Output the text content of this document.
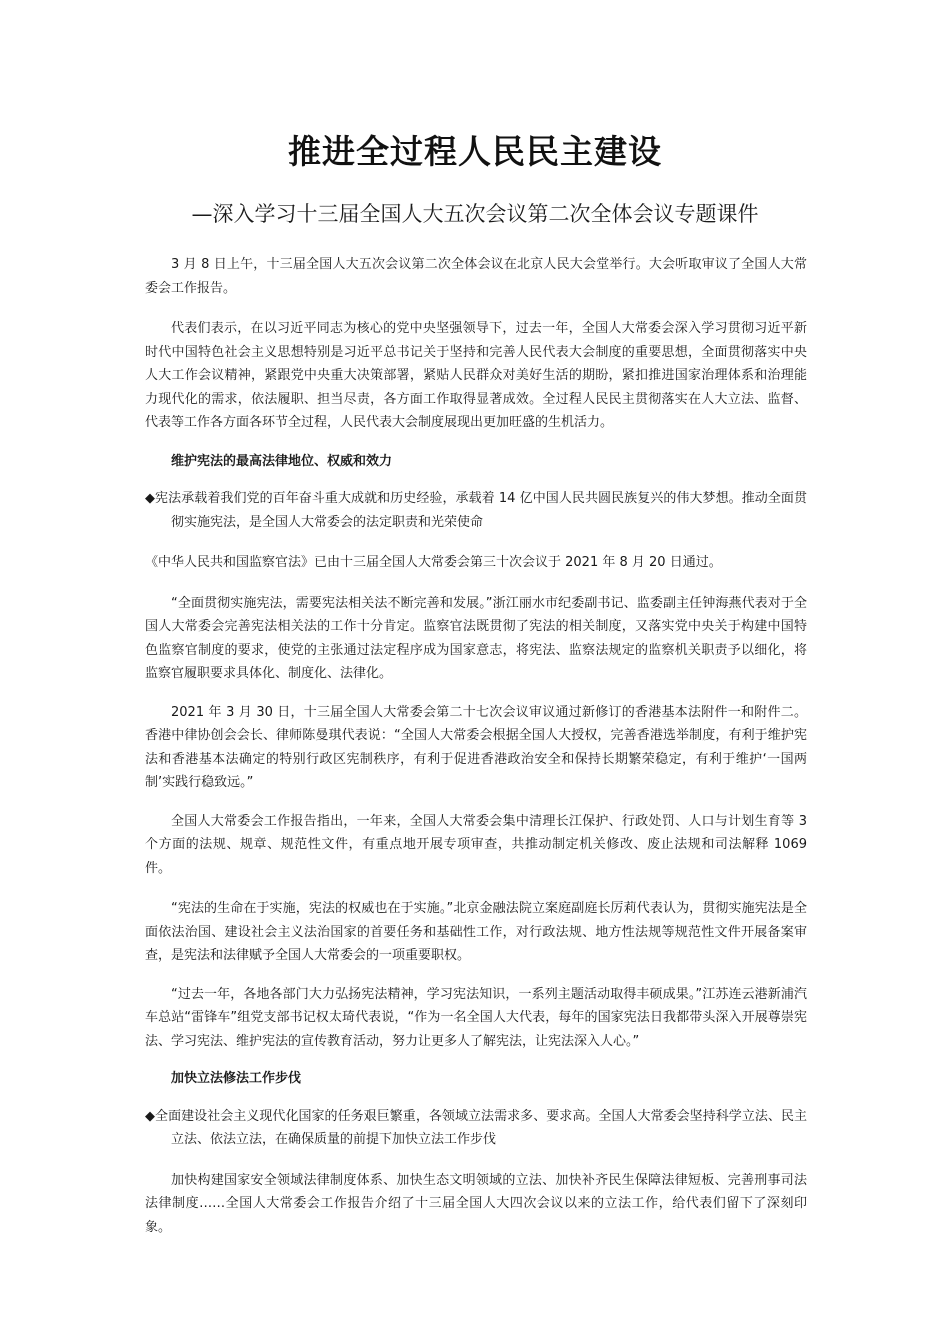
推进全过程人民民主建设
—深入学习十三届全国人大五次会议第二次全体会议专题课件

3 月 8 日上午，十三届全国人大五次会议第二次全体会议在北京人民大会堂举行。大会听取审议了全国人大常委会工作报告。

代表们表示，在以习近平同志为核心的党中央坚强领导下，过去一年，全国人大常委会深入学习贯彻习近平新时代中国特色社会主义思想特别是习近平总书记关于坚持和完善人民代表大会制度的重要思想，全面贯彻落实中央人大工作会议精神，紧跟党中央重大决策部署，紧贴人民群众对美好生活的期盼，紧扣推进国家治理体系和治理能力现代化的需求，依法履职、担当尽责，各方面工作取得显著成效。全过程人民民主贯彻落实在人大立法、监督、代表等工作各方面各环节全过程，人民代表大会制度展现出更加旺盛的生机活力。

维护宪法的最高法律地位、权威和效力

◆宪法承载着我们党的百年奋斗重大成就和历史经验，承载着 14 亿中国人民共圆民族复兴的伟大梦想。推动全面贯彻实施宪法，是全国人大常委会的法定职责和光荣使命

《中华人民共和国监察官法》已由十三届全国人大常委会第三十次会议于 2021 年 8 月 20 日通过。

“全面贯彻实施宪法，需要宪法相关法不断完善和发展。”浙江丽水市纪委副书记、监委副主任钟海燕代表对于全国人大常委会完善宪法相关法的工作十分肯定。监察官法既贯彻了宪法的相关制度，又落实党中央关于构建中国特色监察官制度的要求，使党的主张通过法定程序成为国家意志，将宪法、监察法规定的监察机关职责予以细化，将监察官履职要求具体化、制度化、法律化。

2021 年 3 月 30 日，十三届全国人大常委会第二十七次会议审议通过新修订的香港基本法附件一和附件二。香港中律协创会会长、律师陈曼琪代表说：“全国人大常委会根据全国人大授权，完善香港选举制度，有利于维护宪法和香港基本法确定的特别行政区宪制秩序，有利于促进香港政治安全和保持长期繁荣稳定，有利于维护‘一国两制’实践行稳致远。”

全国人大常委会工作报告指出，一年来，全国人大常委会集中清理长江保护、行政处罚、人口与计划生育等 3 个方面的法规、规章、规范性文件，有重点地开展专项审查，共推动制定机关修改、废止法规和司法解释 1069 件。

“宪法的生命在于实施，宪法的权威也在于实施。”北京金融法院立案庭副庭长厉莉代表认为，贯彻实施宪法是全面依法治国、建设社会主义法治国家的首要任务和基础性工作，对行政法规、地方性法规等规范性文件开展备案审查，是宪法和法律赋予全国人大常委会的一项重要职权。

“过去一年，各地各部门大力弘扬宪法精神，学习宪法知识，一系列主题活动取得丰硕成果。”江苏连云港新浦汽车总站“雷锋车”组党支部书记权太琦代表说，“作为一名全国人大代表，每年的国家宪法日我都带头深入开展尊崇宪法、学习宪法、维护宪法的宣传教育活动，努力让更多人了解宪法，让宪法深入人心。”

加快立法修法工作步伐

◆全面建设社会主义现代化国家的任务艰巨繁重，各领域立法需求多、要求高。全国人大常委会坚持科学立法、民主立法、依法立法，在确保质量的前提下加快立法工作步伐

加快构建国家安全领域法律制度体系、加快生态文明领域的立法、加快补齐民生保障法律短板、完善刑事司法法律制度……全国人大常委会工作报告介绍了十三届全国人大四次会议以来的立法工作，给代表们留下了深刻印象。
